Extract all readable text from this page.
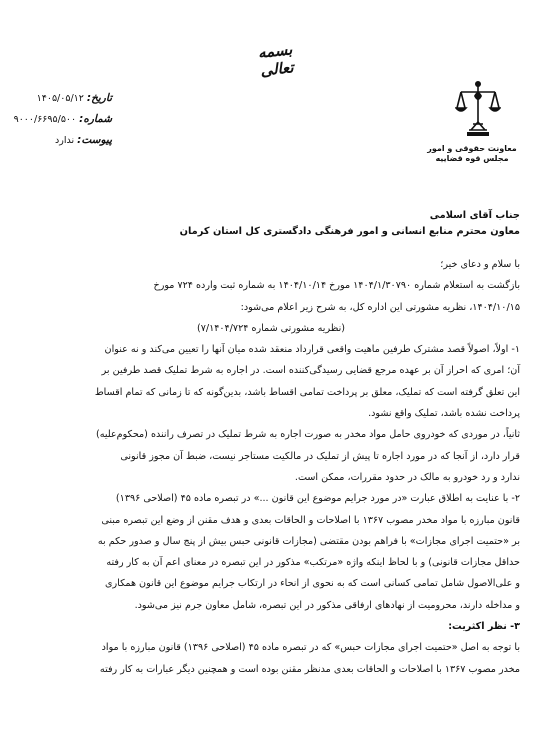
معاونت حقوقی و امور مجلس قوه قضاییه
بسمه تعالی
تاریخ: ۱۴۰۵/۰۵/۱۲
شماره: ۹۰۰۰/۶۶۹۵/۵۰۰
پیوست: ندارد
جناب آقای اسلامی
معاون محترم منابع انسانی و امور فرهنگی دادگستری کل استان کرمان
با سلام و دعای خیر؛
بازگشت به استعلام شماره ۱۴۰۴/۱/۳۰۷۹۰ مورخ ۱۴۰۴/۱۰/۱۴ به شماره ثبت وارده ۷۲۴ مورخ
۱۴۰۴/۱۰/۱۵، نظریه مشورتی این اداره کل، به شرح زیر اعلام می‌شود:
(نظریه مشورتی شماره ۷/۱۴۰۴/۷۲۴)
۱- اولاً، اصولاً قصد مشترک طرفین ماهیت واقعی قرارداد منعقد شده میان آنها را تعیین می‌کند و نه عنوان
آن؛ امری که احراز آن بر عهده مرجع قضایی رسیدگی‌کننده است. در اجاره به شرط تملیک قصد طرفین بر
این تعلق گرفته است که تملیک، معلق بر پرداخت تمامی اقساط باشد، بدین‌گونه که تا زمانی که تمام اقساط
پرداخت نشده باشد، تملیک واقع نشود.
ثانیاً، در موردی که خودروی حامل مواد مخدر به صورت اجاره به شرط تملیک در تصرف راننده (محکوم‌علیه)
قرار دارد، از آنجا که در مورد اجاره تا پیش از تملیک در مالکیت مستاجر نیست، ضبط آن مجوز قانونی
ندارد و رد خودرو به مالک در حدود مقررات، ممکن است.
۲- با عنایت به اطلاق عبارت «در مورد جرایم موضوع این قانون ...» در تبصره ماده ۴۵ (اصلاحی ۱۳۹۶)
قانون مبارزه با مواد مخدر مصوب ۱۳۶۷ با اصلاحات و الحاقات بعدی و هدف مقنن از وضع این تبصره مبنی
بر «حتمیت اجرای مجازات» با فراهم بودن مقتضی (مجازات قانونی حبس بیش از پنج سال و صدور حکم به
حداقل مجازات قانونی) و با لحاظ اینکه واژه «مرتکب» مذکور در این تبصره در معنای اعم آن به کار رفته
و علی‌الاصول شامل تمامی کسانی است که به نحوی از انحاء در ارتکاب جرایم موضوع این قانون همکاری
و مداخله دارند، محرومیت از نهادهای ارفاقی مذکور در این تبصره، شامل معاون جرم نیز می‌شود.
۳- نظر اکثریت:
با توجه به اصل «حتمیت اجرای مجازات حبس» که در تبصره ماده ۴۵ (اصلاحی ۱۳۹۶) قانون مبارزه با مواد
مخدر مصوب ۱۳۶۷ با اصلاحات و الحاقات بعدی مدنظر مقنن بوده است و همچنین دیگر عبارات به کار رفته
